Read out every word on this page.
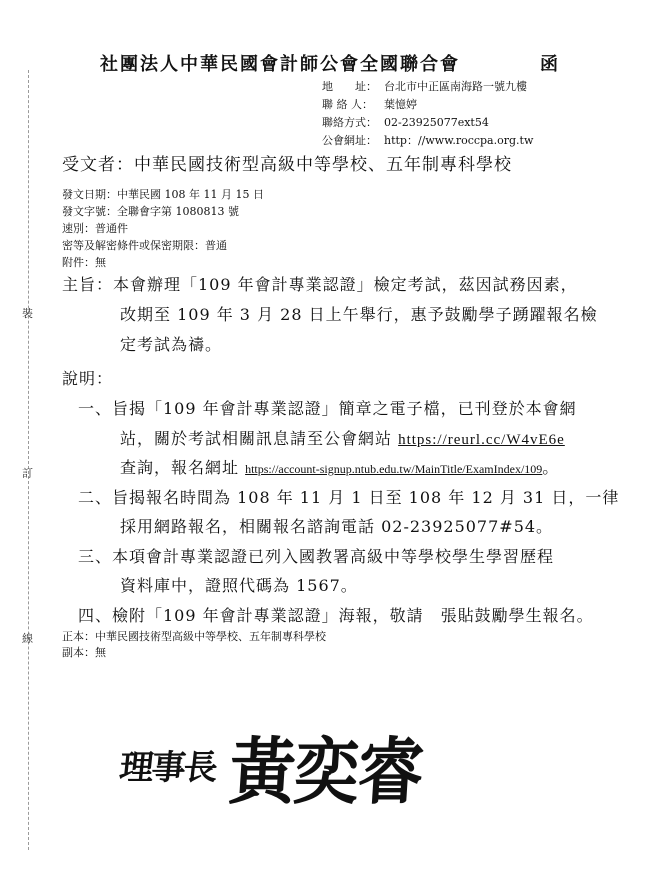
裝
訂
線
社團法人中華民國會計師公會全國聯合會	函
地　　址： 台北市中正區南海路一號九樓
聯 絡 人： 葉憶婷
聯絡方式： 02-23925077ext54
公會網址： http：//www.roccpa.org.tw
受文者：中華民國技術型高級中等學校、五年制專科學校
發文日期：中華民國 108 年 11 月 15 日
發文字號：全聯會字第 1080813 號
速別：普通件
密等及解密條件或保密期限：普通
附件：無
主旨：本會辦理「109 年會計專業認證」檢定考試，茲因試務因素，
改期至 109 年 3 月 28 日上午舉行，惠予鼓勵學子踴躍報名檢
定考試為禱。
說明：
一、旨揭「109 年會計專業認證」簡章之電子檔，已刊登於本會網
站，關於考試相關訊息請至公會網站 https://reurl.cc/W4vE6e
查詢，報名網址 https://account-signup.ntub.edu.tw/MainTitle/ExamIndex/109。
二、旨揭報名時間為 108 年 11 月 1 日至 108 年 12 月 31 日，一律
採用網路報名，相關報名諮詢電話 02-23925077#54。
三、本項會計專業認證已列入國教署高級中等學校學生學習歷程
資料庫中，證照代碼為 1567。
四、檢附「109 年會計專業認證」海報，敬請　張貼鼓勵學生報名。
正本：中華民國技術型高級中等學校、五年制專科學校
副本：無
理事長 黃奕睿
